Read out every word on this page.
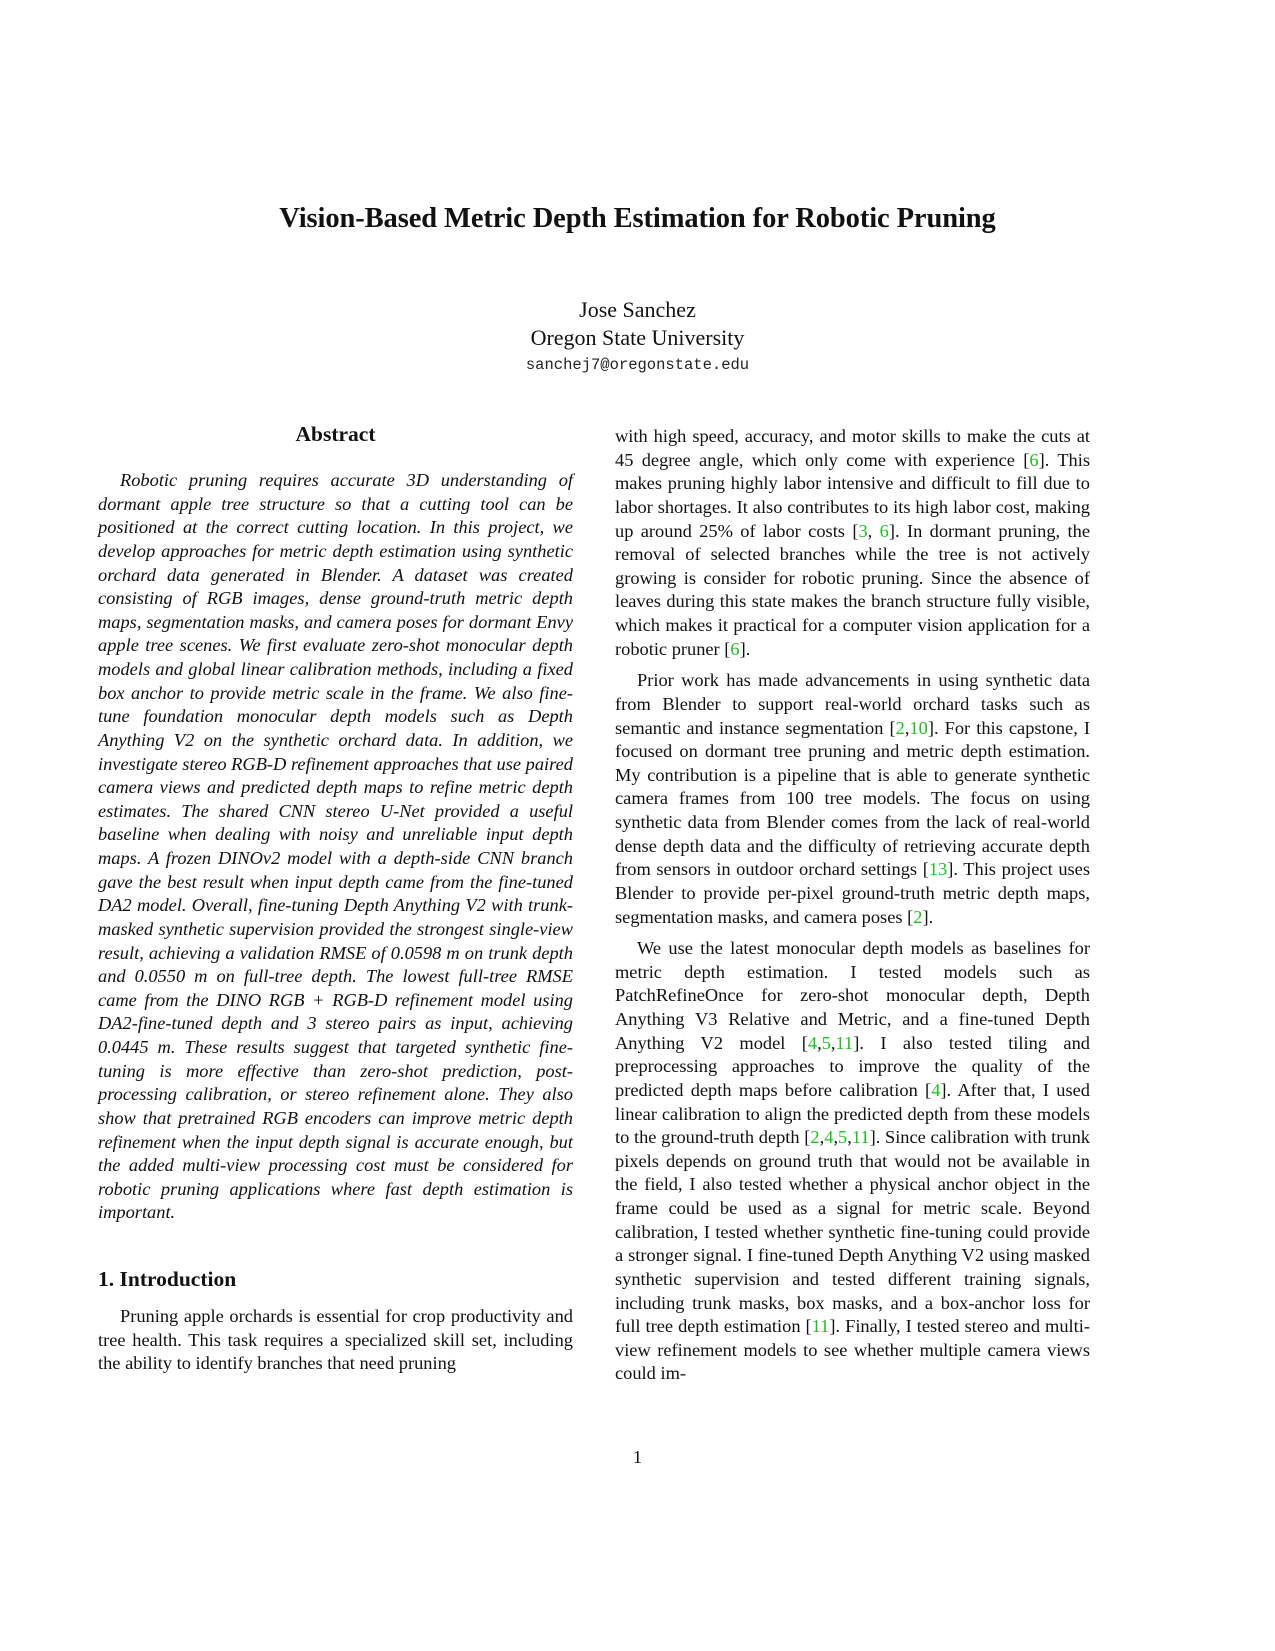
Vision-Based Metric Depth Estimation for Robotic Pruning
Jose Sanchez
Oregon State University
sanchej7@oregonstate.edu
Abstract

Robotic pruning requires accurate 3D understanding of dormant apple tree structure so that a cutting tool can be positioned at the correct cutting location. In this project, we develop approaches for metric depth estimation using synthetic orchard data generated in Blender. A dataset was created consisting of RGB images, dense ground-truth metric depth maps, segmentation masks, and camera poses for dormant Envy apple tree scenes. We first evaluate zero-shot monocular depth models and global linear calibration methods, including a fixed box anchor to provide metric scale in the frame. We also fine-tune foundation monocular depth models such as Depth Anything V2 on the synthetic orchard data. In addition, we investigate stereo RGB-D refinement approaches that use paired camera views and predicted depth maps to refine metric depth estimates. The shared CNN stereo U-Net provided a useful baseline when dealing with noisy and unreliable input depth maps. A frozen DINOv2 model with a depth-side CNN branch gave the best result when input depth came from the fine-tuned DA2 model. Overall, fine-tuning Depth Anything V2 with trunk-masked synthetic supervision provided the strongest single-view result, achieving a validation RMSE of 0.0598 m on trunk depth and 0.0550 m on full-tree depth. The lowest full-tree RMSE came from the DINO RGB + RGB-D refinement model using DA2-fine-tuned depth and 3 stereo pairs as input, achieving 0.0445 m. These results suggest that targeted synthetic fine-tuning is more effective than zero-shot prediction, post-processing calibration, or stereo refinement alone. They also show that pretrained RGB encoders can improve metric depth refinement when the input depth signal is accurate enough, but the added multi-view processing cost must be considered for robotic pruning applications where fast depth estimation is important.

1. Introduction

Pruning apple orchards is essential for crop productivity and tree health. This task requires a specialized skill set, including the ability to identify branches that need pruning

with high speed, accuracy, and motor skills to make the cuts at 45 degree angle, which only come with experience [6]. This makes pruning highly labor intensive and difficult to fill due to labor shortages. It also contributes to its high labor cost, making up around 25% of labor costs [3, 6]. In dormant pruning, the removal of selected branches while the tree is not actively growing is consider for robotic pruning. Since the absence of leaves during this state makes the branch structure fully visible, which makes it practical for a computer vision application for a robotic pruner [6].

Prior work has made advancements in using synthetic data from Blender to support real-world orchard tasks such as semantic and instance segmentation [2,10]. For this capstone, I focused on dormant tree pruning and metric depth estimation. My contribution is a pipeline that is able to generate synthetic camera frames from 100 tree models. The focus on using synthetic data from Blender comes from the lack of real-world dense depth data and the difficulty of retrieving accurate depth from sensors in outdoor orchard settings [13]. This project uses Blender to provide per-pixel ground-truth metric depth maps, segmentation masks, and camera poses [2].

We use the latest monocular depth models as baselines for metric depth estimation. I tested models such as PatchRefineOnce for zero-shot monocular depth, Depth Anything V3 Relative and Metric, and a fine-tuned Depth Anything V2 model [4,5,11]. I also tested tiling and preprocessing approaches to improve the quality of the predicted depth maps before calibration [4]. After that, I used linear calibration to align the predicted depth from these models to the ground-truth depth [2,4,5,11]. Since calibration with trunk pixels depends on ground truth that would not be available in the field, I also tested whether a physical anchor object in the frame could be used as a signal for metric scale. Beyond calibration, I tested whether synthetic fine-tuning could provide a stronger signal. I fine-tuned Depth Anything V2 using masked synthetic supervision and tested different training signals, including trunk masks, box masks, and a box-anchor loss for full tree depth estimation [11]. Finally, I tested stereo and multi-view refinement models to see whether multiple camera views could im-

1
